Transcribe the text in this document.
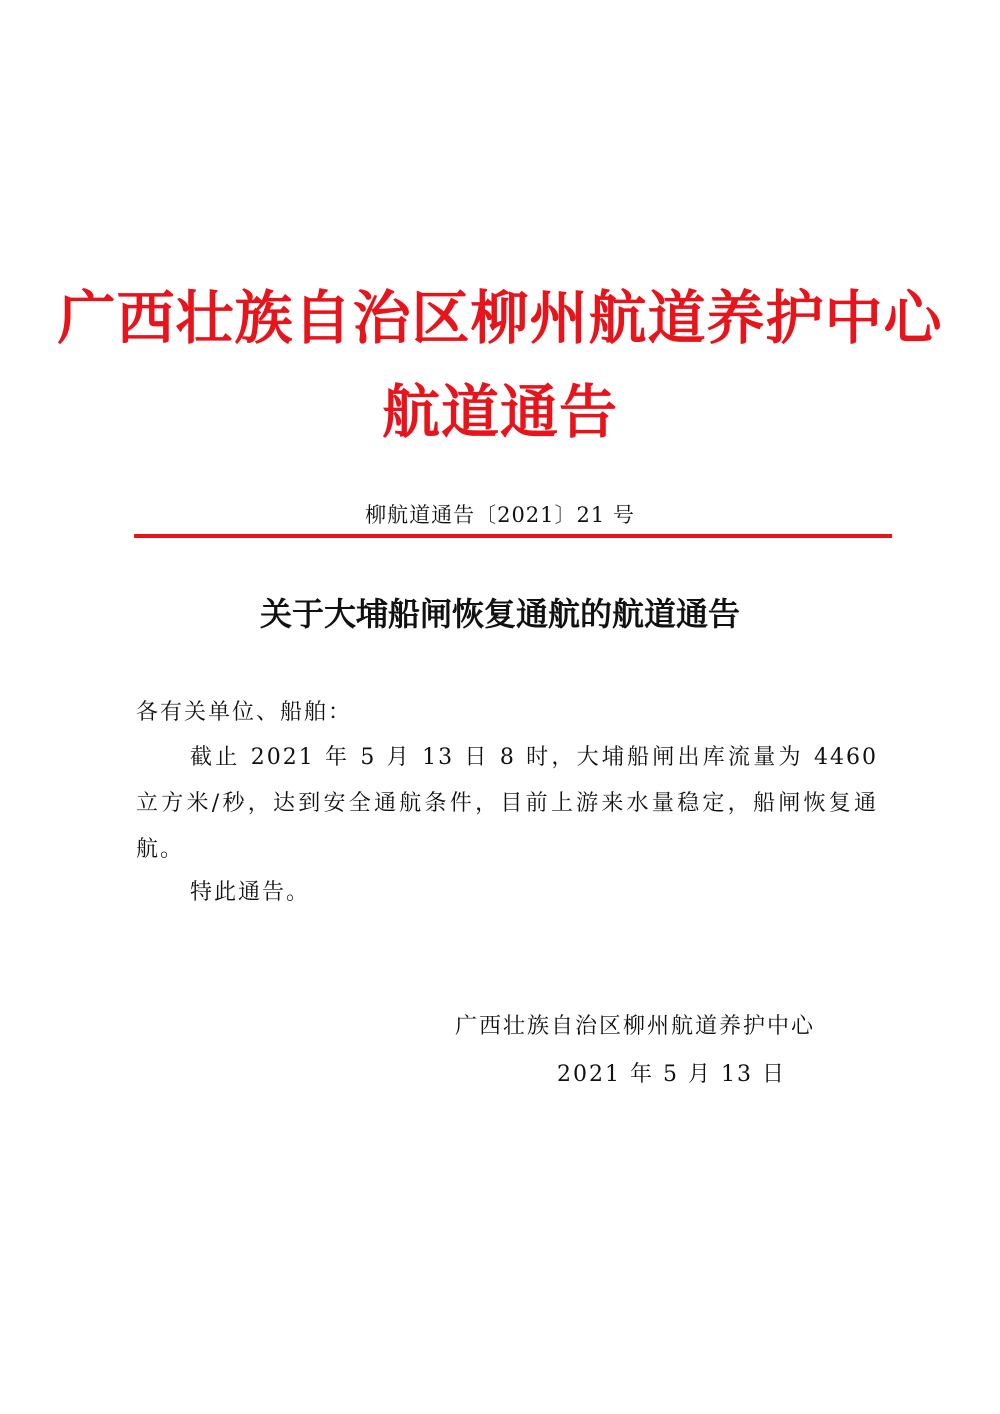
广西壮族自治区柳州航道养护中心
航道通告
柳航道通告〔2021〕21 号
关于大埔船闸恢复通航的航道通告
各有关单位、船舶：
截止 2021 年 5 月 13 日 8 时，大埔船闸出库流量为 4460 立方米/秒，达到安全通航条件，目前上游来水量稳定，船闸恢复通航。
特此通告。
广西壮族自治区柳州航道养护中心
2021 年 5 月 13 日
